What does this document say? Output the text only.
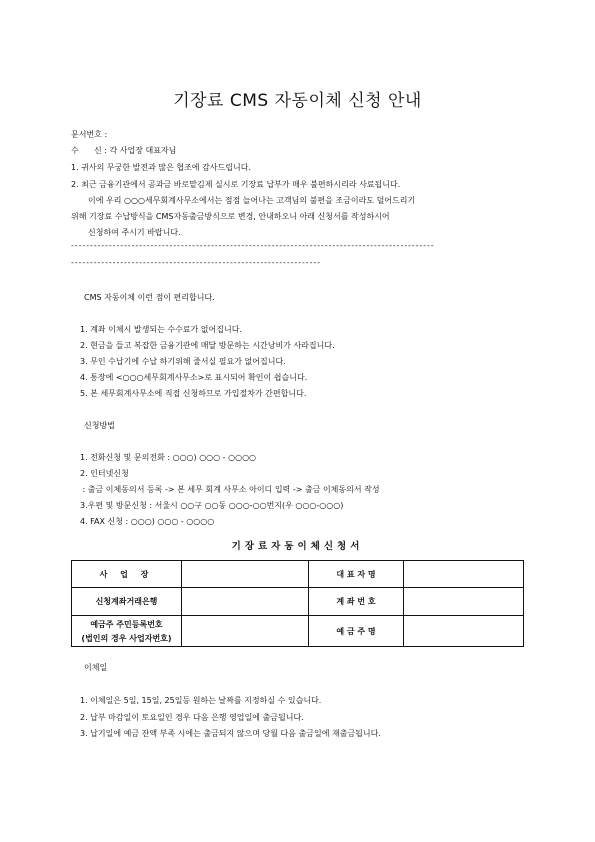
기장료 CMS 자동이체 신청 안내
문서번호 :
수      신 : 각 사업장 대표자님
1. 귀사의 무궁한 발전과 많은 협조에 감사드립니다.
2. 최근 금융기관에서 공과금 바로맡김제 실시로 기장료 납부가 매우 불편하시리라 사료됩니다.
이에 우리 ○○○세무회계사무소에서는 점점 늘어나는 고객님의 불편을 조금이라도 덜어드리기
위해 기장료 수납방식을 CMS자동출금방식으로 변경, 안내하오니 아래 신청서를 작성하시어
신청하여 주시기 바랍니다.
------------------------------------------------------------------------------------------------
------------------------------------------------------------------
CMS 자동이체 이런 점이 편리합니다.
1. 계좌 이체시 발생되는 수수료가 없어집니다.
2. 현금을 들고 복잡한 금융기관에 매달 방문하는 시간낭비가 사라집니다.
3. 무인 수납기에 수납 하기위해 줄서실 필요가 없어집니다.
4. 통장에 <○○○세무회계사무소>로 표시되어 확인이 쉽습니다.
5. 본 세무회계사무소에 직접 신청하므로 가입절차가 간편합니다.
신청방법
1. 전화신청 및 문의전화 : ○○○) ○○○ - ○○○○
2. 인터넷신청
: 출금 이체동의서 등록 -> 본 세무 회계 사무소 아이디 입력 -> 출금 이체동의서 작성
3.우편 및 방문신청 : 서울시 ○○구 ○○동 ○○○-○○번지(우 ○○○-○○○)
4. FAX 신청 : ○○○) ○○○ - ○○○○
기장료자동이체신청서
사 업 장		대 표 자 명	
신청계좌거래은행		계 좌 번 호	

예금주 주민등록번호
(법인의 경우 사업자번호)		예 금 주 명	
이체일
1. 이체일은 5일, 15일, 25일등 원하는 날짜를 지정하실 수 있습니다.
2. 납부 마감일이 토요일인 경우 다음 은행 영업일에 출금됩니다.
3. 납기일에 예금 잔액 부족 시에는 출금되지 않으며 당월 다음 출금일에 재출금됩니다.
